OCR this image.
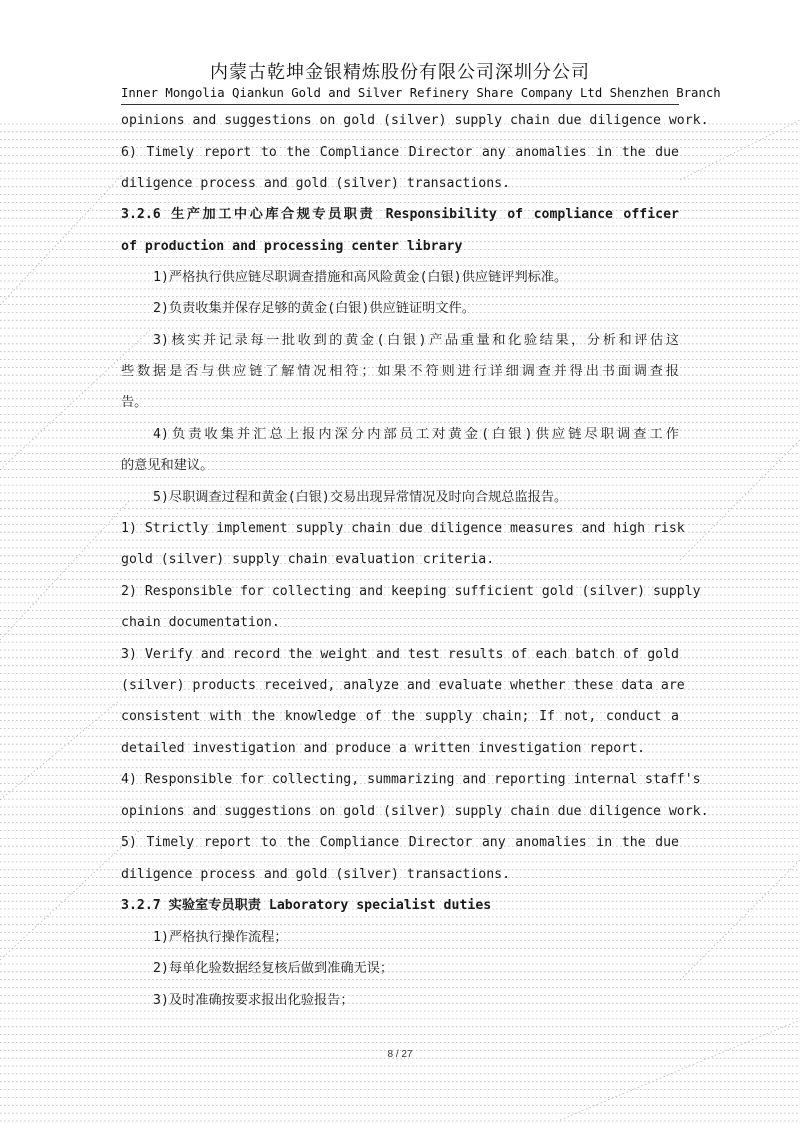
内蒙古乾坤金银精炼股份有限公司深圳分公司
Inner Mongolia Qiankun Gold and Silver Refinery Share Company Ltd Shenzhen Branch
opinions and suggestions on gold (silver) supply chain due diligence work.
6) Timely report to the Compliance Director any anomalies in the due
diligence process and gold (silver) transactions.
3.2.6 生产加工中心库合规专员职责 Responsibility of compliance officer
of production and processing center library
1)严格执行供应链尽职调查措施和高风险黄金(白银)供应链评判标准。
2)负责收集并保存足够的黄金(白银)供应链证明文件。
3)核实并记录每一批收到的黄金(白银)产品重量和化验结果，分析和评估这
些数据是否与供应链了解情况相符；如果不符则进行详细调查并得出书面调查报
告。
4)负责收集并汇总上报内深分内部员工对黄金(白银)供应链尽职调查工作
的意见和建议。
5)尽职调查过程和黄金(白银)交易出现异常情况及时向合规总监报告。
1) Strictly implement supply chain due diligence measures and high risk
gold (silver) supply chain evaluation criteria.
2) Responsible for collecting and keeping sufficient gold (silver) supply
chain documentation.
3) Verify and record the weight and test results of each batch of gold
(silver) products received, analyze and evaluate whether these data are
consistent with the knowledge of the supply chain; If not, conduct a
detailed investigation and produce a written investigation report.
4) Responsible for collecting, summarizing and reporting internal staff's
opinions and suggestions on gold (silver) supply chain due diligence work.
5) Timely report to the Compliance Director any anomalies in the due
diligence process and gold (silver) transactions.
3.2.7 实验室专员职责 Laboratory specialist duties
1)严格执行操作流程；
2)每单化验数据经复核后做到准确无误；
3)及时准确按要求报出化验报告；
8 / 27
